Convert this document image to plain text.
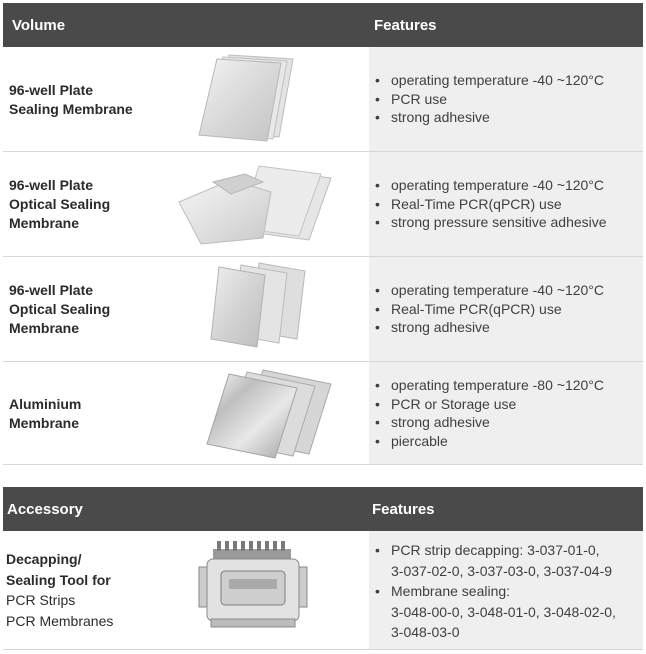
Volume	Features
96-well Plate
Sealing Membrane
• operating temperature -40 ~120°C
• PCR use
• strong adhesive
96-well Plate
Optical Sealing
Membrane
• operating temperature -40 ~120°C
• Real-Time PCR(qPCR) use
• strong pressure sensitive adhesive
96-well Plate
Optical Sealing
Membrane
• operating temperature -40 ~120°C
• Real-Time PCR(qPCR) use
• strong adhesive
Aluminium
Membrane
• operating temperature -80 ~120°C
• PCR or Storage use
• strong adhesive
• piercable
Accessory	Features
Decapping/
Sealing Tool for
PCR Strips
PCR Membranes
• PCR strip decapping: 3-037-01-0,
3-037-02-0, 3-037-03-0, 3-037-04-9
• Membrane sealing:
3-048-00-0, 3-048-01-0, 3-048-02-0,
3-048-03-0
